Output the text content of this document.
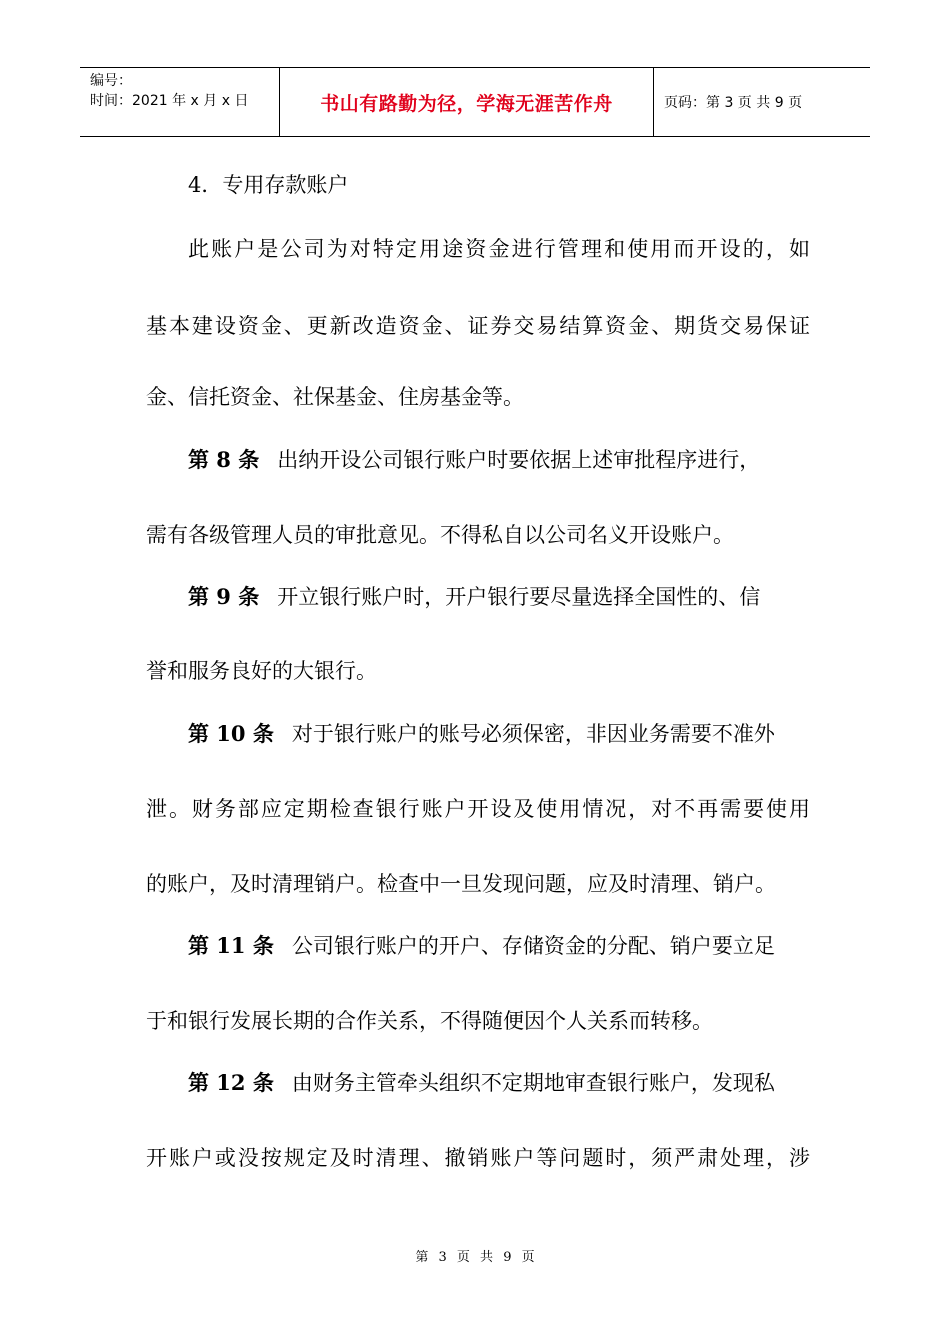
编号：
时间：2021 年 x 月 x 日	书山有路勤为径，学海无涯苦作舟	页码：第 3 页 共 9 页
4．专用存款账户
此账户是公司为对特定用途资金进行管理和使用而开设的，如
基本建设资金、更新改造资金、证券交易结算资金、期货交易保证
金、信托资金、社保基金、住房基金等。
第 8 条 出纳开设公司银行账户时要依据上述审批程序进行，
需有各级管理人员的审批意见。不得私自以公司名义开设账户。
第 9 条 开立银行账户时，开户银行要尽量选择全国性的、信
誉和服务良好的大银行。
第 10 条 对于银行账户的账号必须保密，非因业务需要不准外
泄。财务部应定期检查银行账户开设及使用情况，对不再需要使用
的账户，及时清理销户。检查中一旦发现问题，应及时清理、销户。
第 11 条 公司银行账户的开户、存储资金的分配、销户要立足
于和银行发展长期的合作关系，不得随便因个人关系而转移。
第 12 条 由财务主管牵头组织不定期地审查银行账户，发现私
开账户或没按规定及时清理、撤销账户等问题时，须严肃处理，涉
第 3 页 共 9 页
